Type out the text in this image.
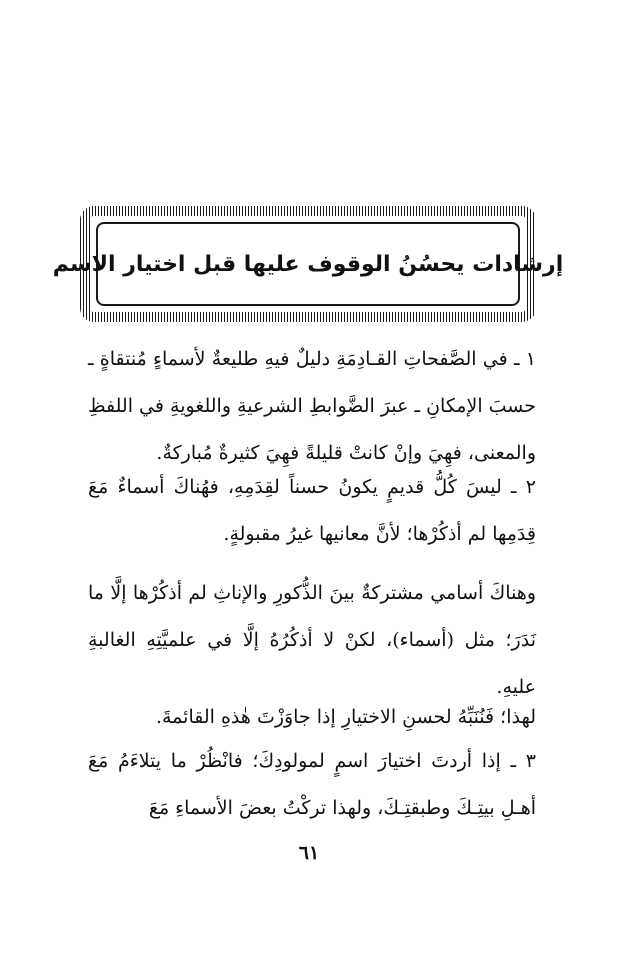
إرشادات يحسُنُ الوقوف عليها قبل اختيار الاسم

١ ـ في الصَّفحاتِ القـادِمَةِ دليلٌ فيهِ طليعةٌ لأسماءٍ مُنتقاةٍ ـ حسبَ الإمكانِ ـ عبرَ الضَّوابطِ الشرعيةِ واللغويةِ في اللفظِ والمعنى، فهِيَ وإنْ كانتْ قليلةً فهِيَ كثيرةٌ مُباركةٌ.

٢ ـ ليسَ كُلُّ قديمٍ يكونُ حسناً لقِدَمِهِ، فهُناكَ أسماءٌ مَعَ قِدَمِها لم أذكُرْها؛ لأنَّ معانيها غيرُ مقبولةٍ.

وهناكَ أسامي مشتركةٌ بينَ الذُّكورِ والإناثِ لم أذكُرْها إلَّا ما نَدَرَ؛ مثل (أسماء)، لكنْ لا أذكُرُهُ إلَّا في علميَّتِهِ الغالبةِ عليهِ.

لهذا؛ فَنُنَبِّهُ لحسنِ الاختيارِ إذا جاوَزْتَ هٰذهِ القائمةَ.

٣ ـ إذا أردتَ اختيارَ اسمٍ لمولودِكَ؛ فانْظُرْ ما يتلاءَمُ مَعَ أهـلِ بيتِـكَ وطبقتِـكَ، ولهذا تركْتُ بعضَ الأسماءِ مَعَ

٦١
